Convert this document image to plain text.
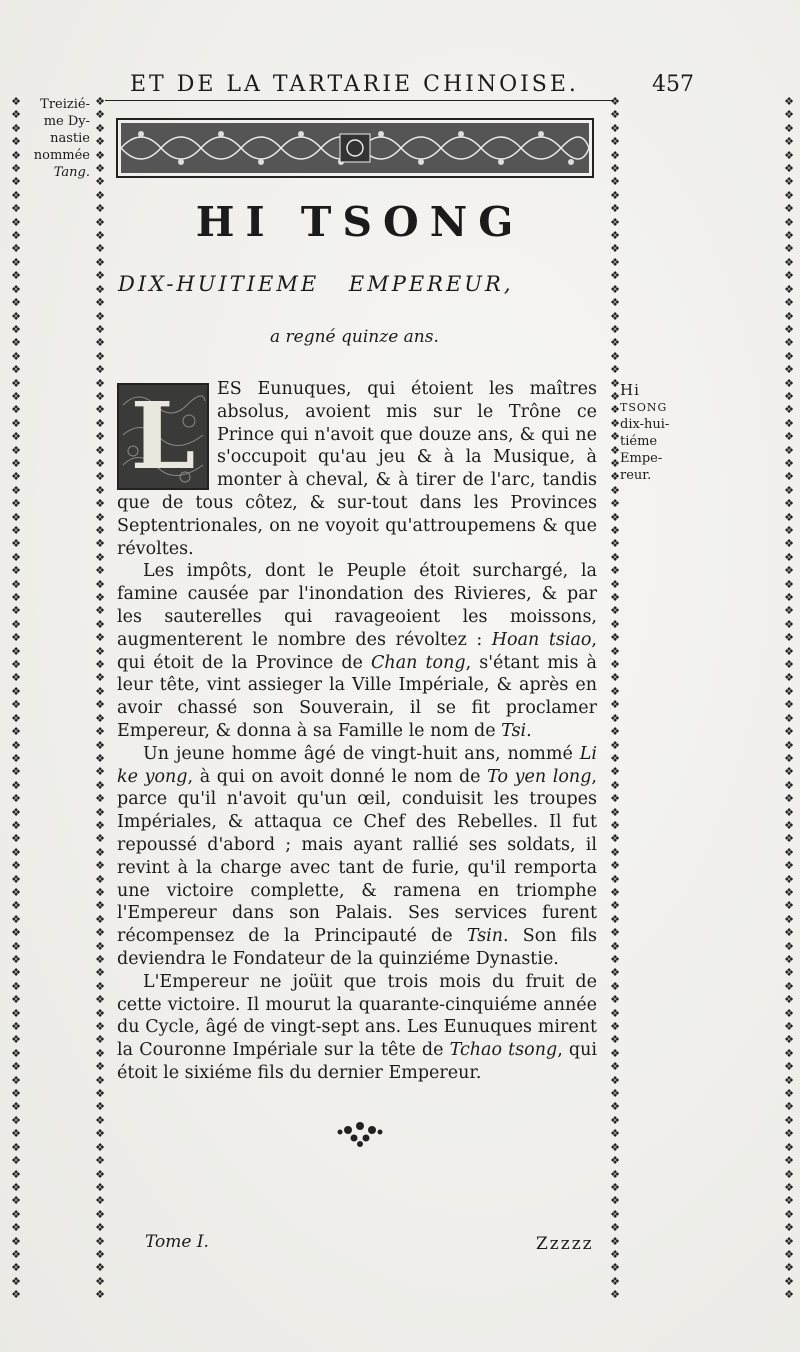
ET DE LA TARTARIE CHINOISE.	457
❖
❖
❖
❖
❖
❖
❖
❖
❖
❖
❖
❖
❖
❖
❖
❖
❖
❖
❖
❖
❖
❖
❖
❖
❖
❖
❖
❖
❖
❖
❖
❖
❖
❖
❖
❖
❖
❖
❖
❖
❖
❖
❖
❖
❖
❖
❖
❖
❖
❖
❖
❖
❖
❖
❖
❖
❖
❖
❖
❖
❖
❖
❖
❖
❖
❖
❖
❖
❖
❖
❖
❖
❖
❖
❖
❖
❖
❖
❖
❖
❖
❖
❖
❖
❖
❖
❖
❖
❖
❖
❖
❖
❖
❖
❖
❖
❖
❖
❖
❖
❖
❖
❖
❖
❖
❖
❖
❖
❖
❖
❖
❖
❖
❖
❖
❖
❖
❖
❖
❖
❖
❖
❖
❖
❖
❖
❖
❖
❖
❖
❖
❖
❖
❖
❖
❖
❖
❖
❖
❖
❖
❖
❖
❖
❖
❖
❖
❖
❖
❖
❖
❖
❖
❖
❖
❖
❖
❖
❖
❖
❖
❖
❖
❖
❖
❖
❖
❖
❖
❖
❖
❖
❖
❖
❖
❖
❖
❖
❖
❖
❖
❖
❖
❖
❖
❖
❖
❖
❖
❖
❖
❖
❖
❖
❖
❖
❖
❖
❖
❖
❖
❖
❖
❖
❖
❖
❖
❖
❖
❖
❖
❖
❖
❖
❖
❖
❖
❖
❖
❖
❖
❖
❖
❖
❖
❖
❖
❖
❖
❖
❖
❖
❖
❖
❖
❖
❖
❖
❖
❖
❖
❖
❖
❖
❖
❖
❖
❖
❖
❖
❖
❖
❖
❖
❖
❖
❖
❖
❖
❖
❖
❖
❖
❖
❖
❖
❖
❖
❖
❖
❖
❖
❖
❖
❖
❖
❖
❖
❖
❖
❖
❖
❖
❖
❖
❖
❖
❖
❖
❖
❖
❖
❖
❖
❖
❖
❖
❖
❖
❖
❖
❖
❖
❖
❖
❖
❖
❖
❖
❖
❖
❖
❖
❖
❖
❖
❖
❖
❖
❖
❖
❖
❖
❖
❖
❖
❖
❖
❖
❖
❖
❖
❖
❖
❖
❖
❖
❖
❖
❖
❖
❖
❖
❖
❖
❖
❖
❖
❖
❖
❖
❖
❖
❖
❖
❖
❖
❖
❖
❖
Treizié-
me Dy-
nastie
nommée
Tang.
Hi
TSONG
dix-hui-
tiéme
Empe-
reur.
HI TSONG
DIX-HUITIEME EMPEREUR,
a regné quinze ans.
L	ES Eunuques, qui étoient les maîtres absolus, avoient mis sur le Trône ce Prince qui n'avoit que douze ans, & qui ne s'occupoit qu'au jeu & à la Musique, à monter à cheval, & à tirer de l'arc, tandis que de tous côtez, & sur-tout dans les Provinces Septentrionales, on ne voyoit qu'attroupemens & que révoltes.

Les impôts, dont le Peuple étoit surchargé, la famine causée par l'inondation des Rivieres, & par les sauterelles qui ravageoient les moissons, augmenterent le nombre des révoltez : Hoan tsiao, qui étoit de la Province de Chan tong, s'étant mis à leur tête, vint assieger la Ville Impériale, & après en avoir chassé son Souverain, il se fit proclamer Empereur, & donna à sa Famille le nom de Tsi.

Un jeune homme âgé de vingt-huit ans, nommé Li ke yong, à qui on avoit donné le nom de To yen long, parce qu'il n'avoit qu'un œil, conduisit les troupes Impériales, & attaqua ce Chef des Rebelles. Il fut repoussé d'abord ; mais ayant rallié ses soldats, il revint à la charge avec tant de furie, qu'il remporta une victoire complette, & ramena en triomphe l'Empereur dans son Palais. Ses services furent récompensez de la Principauté de Tsin. Son fils deviendra le Fondateur de la quinziéme Dynastie.

L'Empereur ne joüit que trois mois du fruit de cette victoire. Il mourut la quarante-cinquiéme année du Cycle, âgé de vingt-sept ans. Les Eunuques mirent la Couronne Impériale sur la tête de Tchao tsong, qui étoit le sixiéme fils du dernier Empereur.

Tome I.	Zzzzz
